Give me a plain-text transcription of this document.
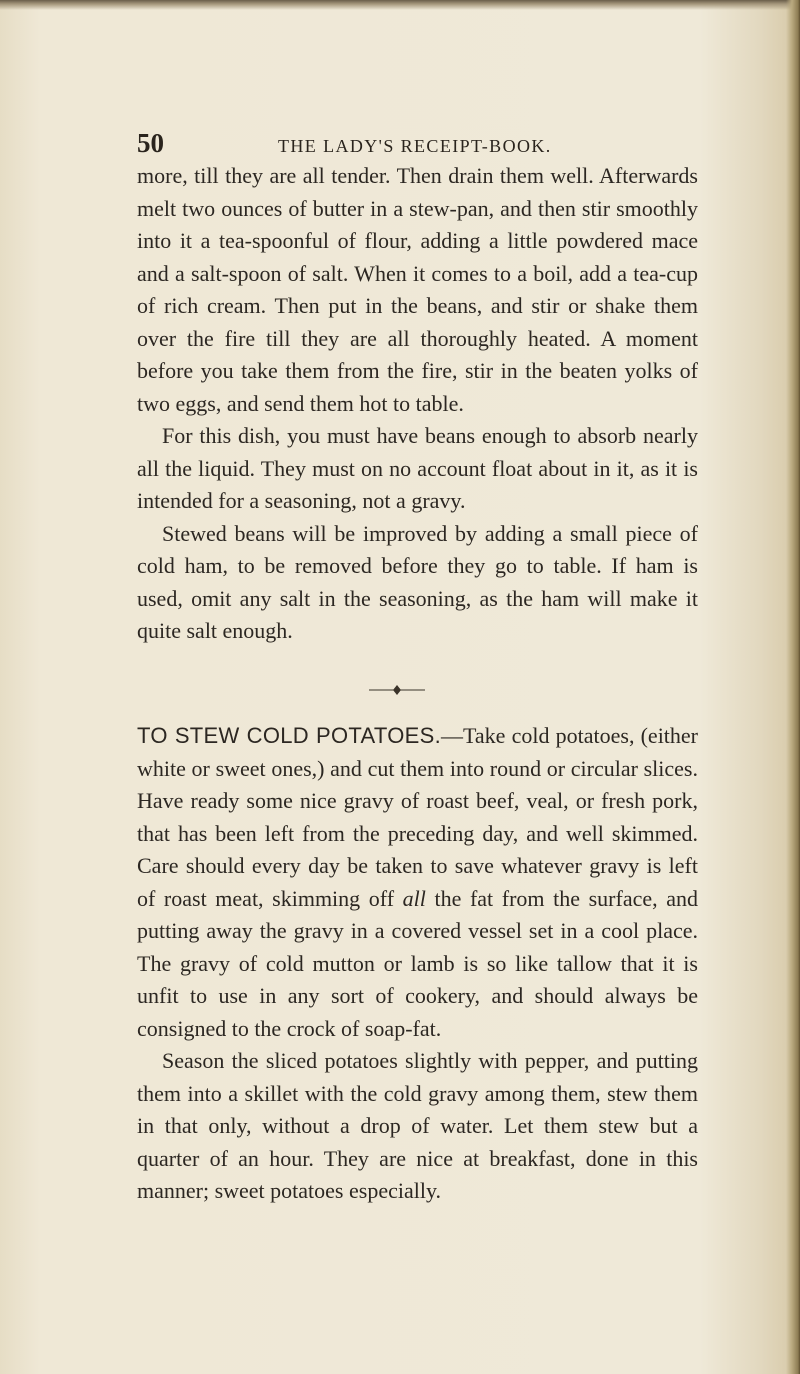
50	THE LADY'S RECEIPT-BOOK.

more, till they are all tender. Then drain them well. Afterwards melt two ounces of butter in a stew-pan, and then stir smoothly into it a tea-spoonful of flour, adding a little powdered mace and a salt-spoon of salt. When it comes to a boil, add a tea-cup of rich cream. Then put in the beans, and stir or shake them over the fire till they are all thoroughly heated. A moment before you take them from the fire, stir in the beaten yolks of two eggs, and send them hot to table.

For this dish, you must have beans enough to absorb nearly all the liquid. They must on no account float about in it, as it is intended for a seasoning, not a gravy.

Stewed beans will be improved by adding a small piece of cold ham, to be removed before they go to table. If ham is used, omit any salt in the seasoning, as the ham will make it quite salt enough.

TO STEW COLD POTATOES.—Take cold potatoes, (either white or sweet ones,) and cut them into round or circular slices. Have ready some nice gravy of roast beef, veal, or fresh pork, that has been left from the preceding day, and well skimmed. Care should every day be taken to save whatever gravy is left of roast meat, skimming off all the fat from the surface, and putting away the gravy in a covered vessel set in a cool place. The gravy of cold mutton or lamb is so like tallow that it is unfit to use in any sort of cookery, and should always be consigned to the crock of soap-fat.

Season the sliced potatoes slightly with pepper, and putting them into a skillet with the cold gravy among them, stew them in that only, without a drop of water. Let them stew but a quarter of an hour. They are nice at breakfast, done in this manner; sweet potatoes especially.
